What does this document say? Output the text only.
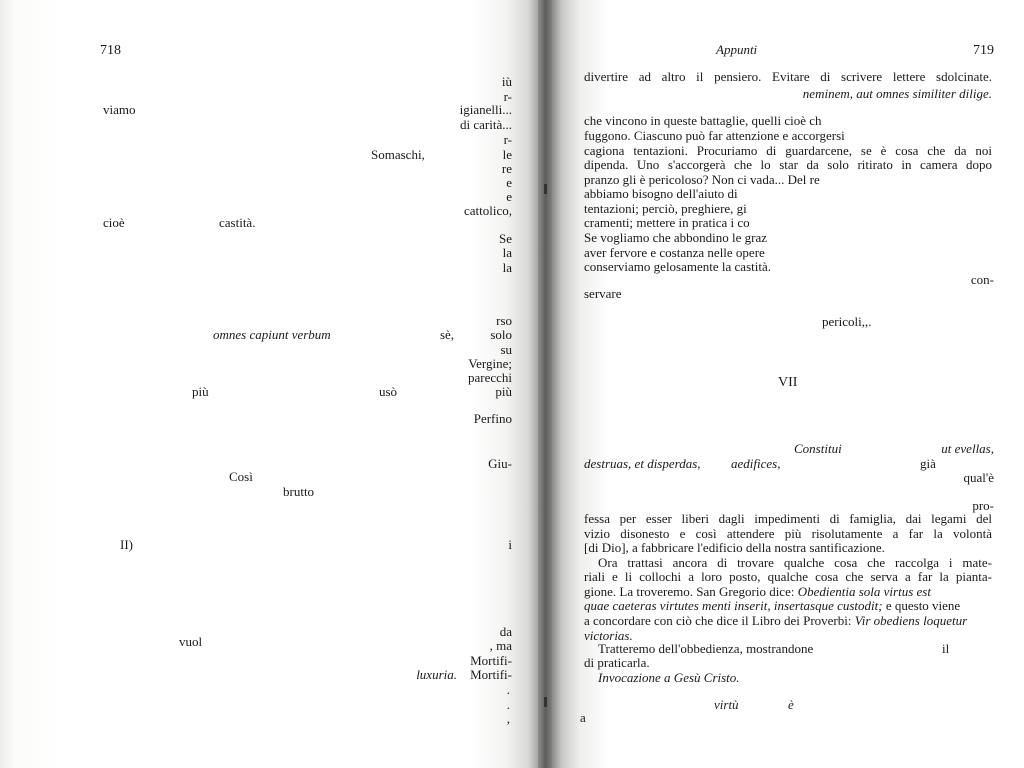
718
iù
r-
viamo	igianelli...
di carità...
r-
Somaschi,	le
re
e
e
cattolico,
cioè	castità.
Se
la
la
rso
omnes capiunt verbum	sè,	solo
su
Vergine;
parecchi
più	usò	più
Perfino
Giu-
Così
brutto
II)	i
da
vuol	, ma
Mortifi-
luxuria. Mortifi-
.
.
,
Appunti	719
divertire ad altro il pensiero. Evitare di scrivere lettere sdolcinate.
neminem, aut omnes similiter dilige.
che vincono in queste battaglie, quelli cioè ch
fuggono. Ciascuno può far attenzione e accorgersi
cagiona tentazioni. Procuriamo di guardarcene, se è cosa che da noi
dipenda. Uno s'accorgerà che lo star da solo ritirato in camera dopo
pranzo gli è pericoloso? Non ci vada... Del re
abbiamo bisogno dell'aiuto di
tentazioni; perciò, preghiere, gi
cramenti; mettere in pratica i co
Se vogliamo che abbondino le graz
aver fervore e costanza nelle opere
conserviamo gelosamente la castità.
con-
servare
pericoli,,.
VII
Constitui	ut evellas,
destruas, et disperdas, aedifices,	già
qual'è
pro-
fessa per esser liberi dagli impedimenti di famiglia, dai legami del
vizio disonesto e così attendere più risolutamente a far la volontà
[di Dio], a fabbricare l'edificio della nostra santificazione.
Ora trattasi ancora di trovare qualche cosa che raccolga i mate-
riali e li collochi a loro posto, qualche cosa che serva a far la pianta-
gione. La troveremo. San Gregorio dice: Obedientia sola virtus est
quae caeteras virtutes menti inserit, insertasque custodit; e questo viene
a concordare con ciò che dice il Libro dei Proverbi: Vir obediens loquetur
victorias.
Tratteremo dell'obbedienza, mostrandone	il
di praticarla.
Invocazione a Gesù Cristo.
virtù	è
a
